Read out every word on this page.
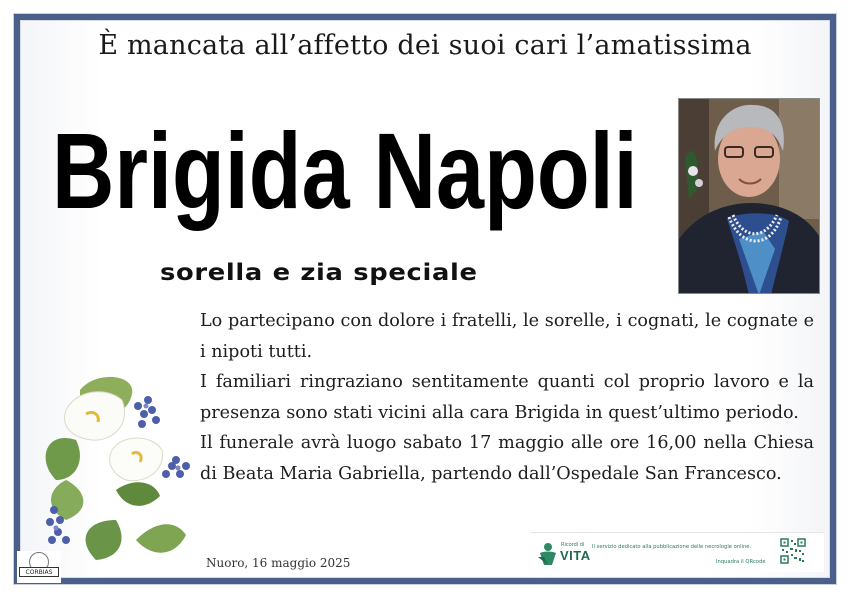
È mancata all’affetto dei suoi cari l’amatissima
Brigida Napoli
sorella e zia speciale

Lo partecipano con dolore i fratelli, le sorelle, i cognati, le cognate e i nipoti tutti.

I familiari ringraziano sentitamente quanti col proprio lavoro e la presenza sono stati vicini alla cara Brigida in quest’ultimo periodo.

Il funerale avrà luogo sabato 17 maggio alle ore 16,00 nella Chiesa di Beata Maria Gabriella, partendo dall’Ospedale San Francesco.

Nuoro, 16 maggio 2025
CORBIAS
Ricordi di
VITA
Il servizio dedicato alla pubblicazione delle necrologie online.
Inquadra il QRcode
